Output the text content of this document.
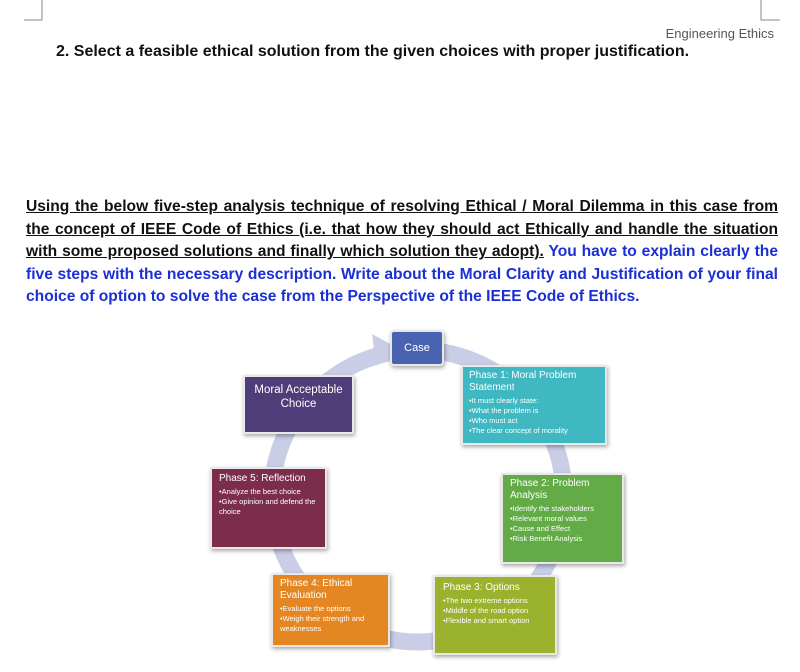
Engineering Ethics
2. Select a feasible ethical solution from the given choices with proper justification.
Using the below five-step analysis technique of resolving Ethical / Moral Dilemma in this case from the concept of IEEE Code of Ethics (i.e. that how they should act Ethically and handle the situation with some proposed solutions and finally which solution they adopt). You have to explain clearly the five steps with the necessary description. Write about the Moral Clarity and Justification of your final choice of option to solve the case from the Perspective of the IEEE Code of Ethics.
Case
Phase 1: Moral Problem Statement
• It must clearly state:
• What the problem is
• Who must act
• The clear concept of morality
Phase 2: Problem Analysis
• Identify the stakeholders
• Relevant moral values
• Cause and Effect
• Risk Benefit Analysis
Phase 3: Options
• The two extreme options
• Middle of the road option
• Flexible and smart option
Phase 4: Ethical Evaluation
• Evaluate the options
• Weigh their strength and weaknesses
Phase 5: Reflection
• Analyze the best choice
• Give opinion and defend the choice
Moral Acceptable Choice
